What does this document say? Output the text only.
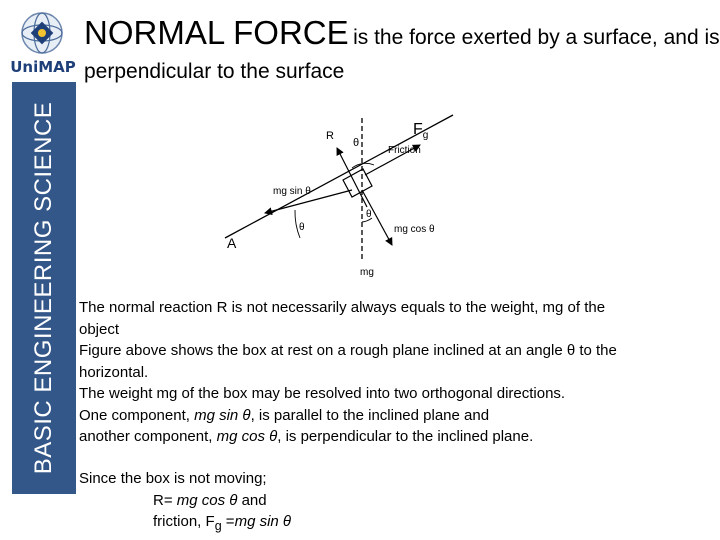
UniMAP
BASIC ENGINEERING SCIENCE
NORMAL FORCE is the force exerted by a surface, and is
perpendicular to the surface
R
θ
$F_g$
Friction
mg sin θ
θ
θ
A
mg cos θ
mg

The normal reaction R is not necessarily always equals to the weight, mg of the

object

Figure above shows the box at rest on a rough plane inclined at an angle θ to the

horizontal.

The weight mg of the box may be resolved into two orthogonal directions.

One component, mg sin θ, is parallel to the inclined plane and

another component, mg cos θ, is perpendicular to the inclined plane.

Since the box is not moving;

R= mg cos θ and

friction, $F_g =mg$ sin θ
